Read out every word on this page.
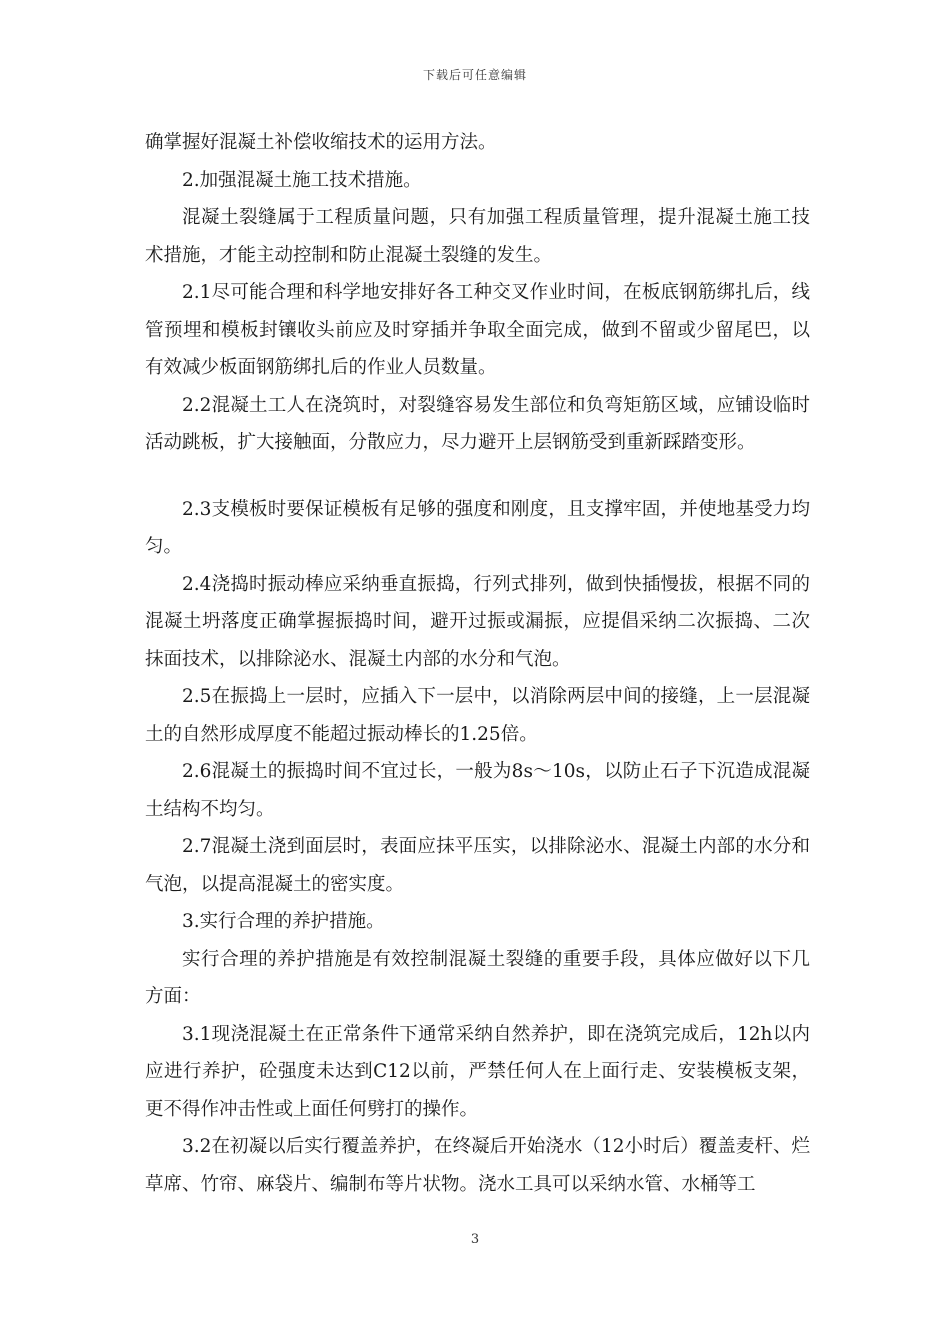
下载后可任意编辑

确掌握好混凝土补偿收缩技术的运用方法。

2.加强混凝土施工技术措施。

混凝土裂缝属于工程质量问题，只有加强工程质量管理，提升混凝土施工技术措施，才能主动控制和防止混凝土裂缝的发生。

2.1尽可能合理和科学地安排好各工种交叉作业时间，在板底钢筋绑扎后，线管预埋和模板封镶收头前应及时穿插并争取全面完成，做到不留或少留尾巴，以有效减少板面钢筋绑扎后的作业人员数量。

2.2混凝土工人在浇筑时，对裂缝容易发生部位和负弯矩筋区域，应铺设临时活动跳板，扩大接触面，分散应力，尽力避开上层钢筋受到重新踩踏变形。

2.3支模板时要保证模板有足够的强度和刚度，且支撑牢固，并使地基受力均匀。

2.4浇捣时振动棒应采纳垂直振捣，行列式排列，做到快插慢拔，根据不同的混凝土坍落度正确掌握振捣时间，避开过振或漏振，应提倡采纳二次振捣、二次抹面技术，以排除泌水、混凝土内部的水分和气泡。

2.5在振捣上一层时，应插入下一层中，以消除两层中间的接缝，上一层混凝土的自然形成厚度不能超过振动棒长的1.25倍。

2.6混凝土的振捣时间不宜过长，一般为8s～10s，以防止石子下沉造成混凝土结构不均匀。

2.7混凝土浇到面层时，表面应抹平压实，以排除泌水、混凝土内部的水分和气泡，以提高混凝土的密实度。

3.实行合理的养护措施。

实行合理的养护措施是有效控制混凝土裂缝的重要手段，具体应做好以下几方面：

3.1现浇混凝土在正常条件下通常采纳自然养护，即在浇筑完成后，12h以内应进行养护，砼强度未达到C12以前，严禁任何人在上面行走、安装模板支架，更不得作冲击性或上面任何劈打的操作。

3.2在初凝以后实行覆盖养护，在终凝后开始浇水（12小时后）覆盖麦杆、烂草席、竹帘、麻袋片、编制布等片状物。浇水工具可以采纳水管、水桶等工

3
